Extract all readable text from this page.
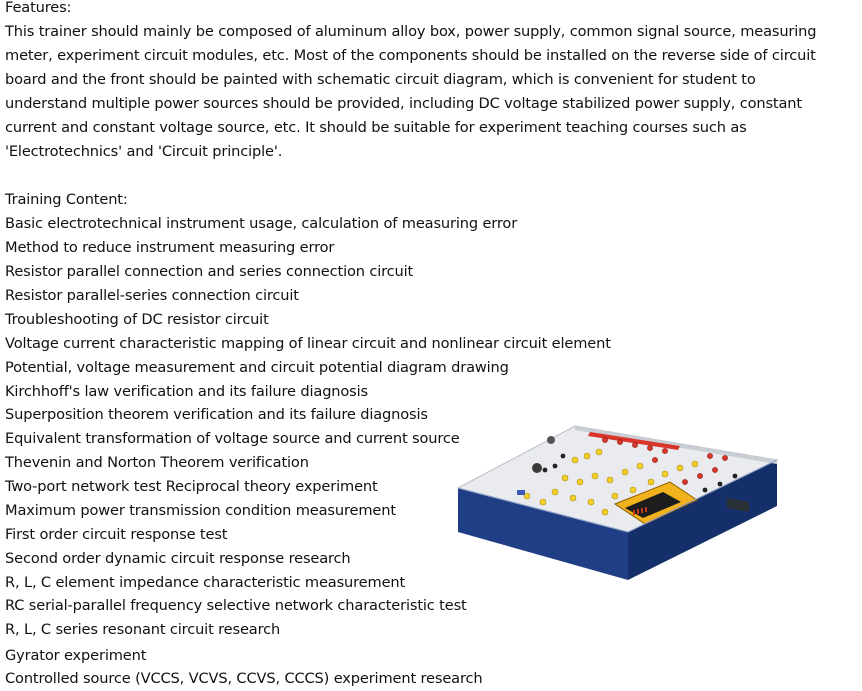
Features:
This trainer should mainly be composed of aluminum alloy box, power supply, common signal source, measuring
meter, experiment circuit modules, etc. Most of the components should be installed on the reverse side of circuit
board and the front should be painted with schematic circuit diagram, which is convenient for student to
understand multiple power sources should be provided, including DC voltage stabilized power supply, constant
current and constant voltage source, etc. It should be suitable for experiment teaching courses such as
'Electrotechnics' and 'Circuit principle'.
Training Content:
Basic electrotechnical instrument usage, calculation of measuring error
Method to reduce instrument measuring error
Resistor parallel connection and series connection circuit
Resistor parallel-series connection circuit
Troubleshooting of DC resistor circuit
Voltage current characteristic mapping of linear circuit and nonlinear circuit element
Potential, voltage measurement and circuit potential diagram drawing
Kirchhoff's law verification and its failure diagnosis
Superposition theorem verification and its failure diagnosis
Equivalent transformation of voltage source and current source
Thevenin and Norton Theorem verification
Two-port network test Reciprocal theory experiment
Maximum power transmission condition measurement
First order circuit response test
Second order dynamic circuit response research
R, L, C element impedance characteristic measurement
RC serial-parallel frequency selective network characteristic test
R, L, C series resonant circuit research
Gyrator experiment
Controlled source (VCCS, VCVS, CCVS, CCCS) experiment research
